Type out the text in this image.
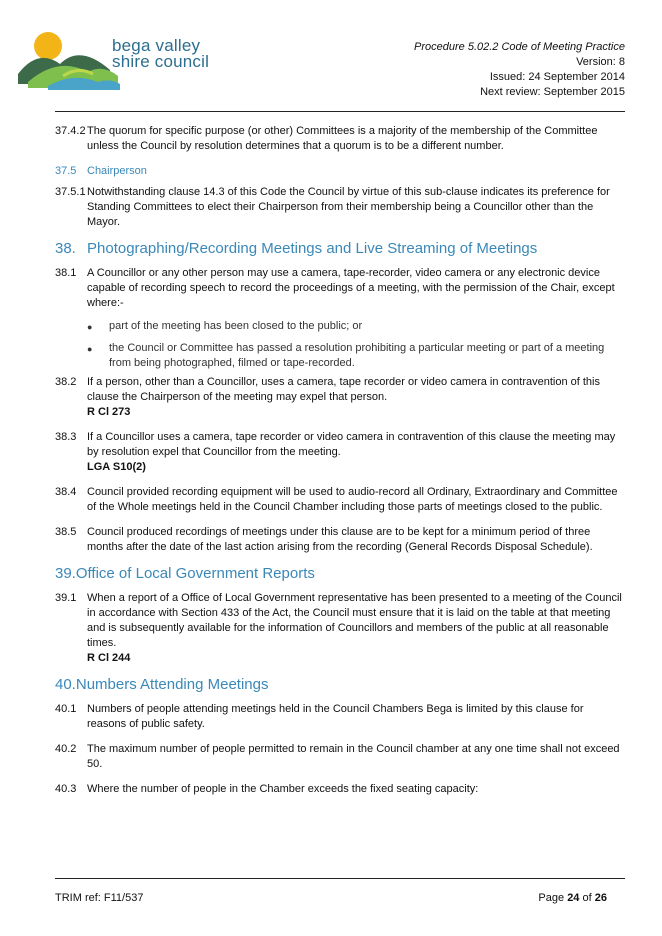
bega valley
shire council
Procedure 5.02.2 Code of Meeting Practice
Version: 8
Issued: 24 September 2014
Next review: September 2015
37.4.2 The quorum for specific purpose (or other) Committees is a majority of the membership of the Committee unless the Council by resolution determines that a quorum is to be a different number.
37.5 Chairperson
37.5.1 Notwithstanding clause 14.3 of this Code the Council by virtue of this sub-clause indicates its preference for Standing Committees to elect their Chairperson from their membership being a Councillor other than the Mayor.
38. Photographing/Recording Meetings and Live Streaming of Meetings
38.1 A Councillor or any other person may use a camera, tape-recorder, video camera or any electronic device capable of recording speech to record the proceedings of a meeting, with the permission of the Chair, except where:-
●	part of the meeting has been closed to the public; or
●	the Council or Committee has passed a resolution prohibiting a particular meeting or part of a meeting from being photographed, filmed or tape-recorded.
38.2 If a person, other than a Councillor, uses a camera, tape recorder or video camera in contravention of this clause the Chairperson of the meeting may expel that person.
R Cl 273
38.3 If a Councillor uses a camera, tape recorder or video camera in contravention of this clause the meeting may by resolution expel that Councillor from the meeting.
LGA S10(2)
38.4 Council provided recording equipment will be used to audio-record all Ordinary, Extraordinary and Committee of the Whole meetings held in the Council Chamber including those parts of meetings closed to the public.
38.5 Council produced recordings of meetings under this clause are to be kept for a minimum period of three months after the date of the last action arising from the recording (General Records Disposal Schedule).
39. Office of Local Government Reports
39.1 When a report of a Office of Local Government representative has been presented to a meeting of the Council in accordance with Section 433 of the Act, the Council must ensure that it is laid on the table at that meeting and is subsequently available for the information of Councillors and members of the public at all reasonable times.
R Cl 244
40. Numbers Attending Meetings
40.1 Numbers of people attending meetings held in the Council Chambers Bega is limited by this clause for reasons of public safety.
40.2 The maximum number of people permitted to remain in the Council chamber at any one time shall not exceed 50.
40.3 Where the number of people in the Chamber exceeds the fixed seating capacity:
TRIM ref: F11/537	Page 24 of 26
